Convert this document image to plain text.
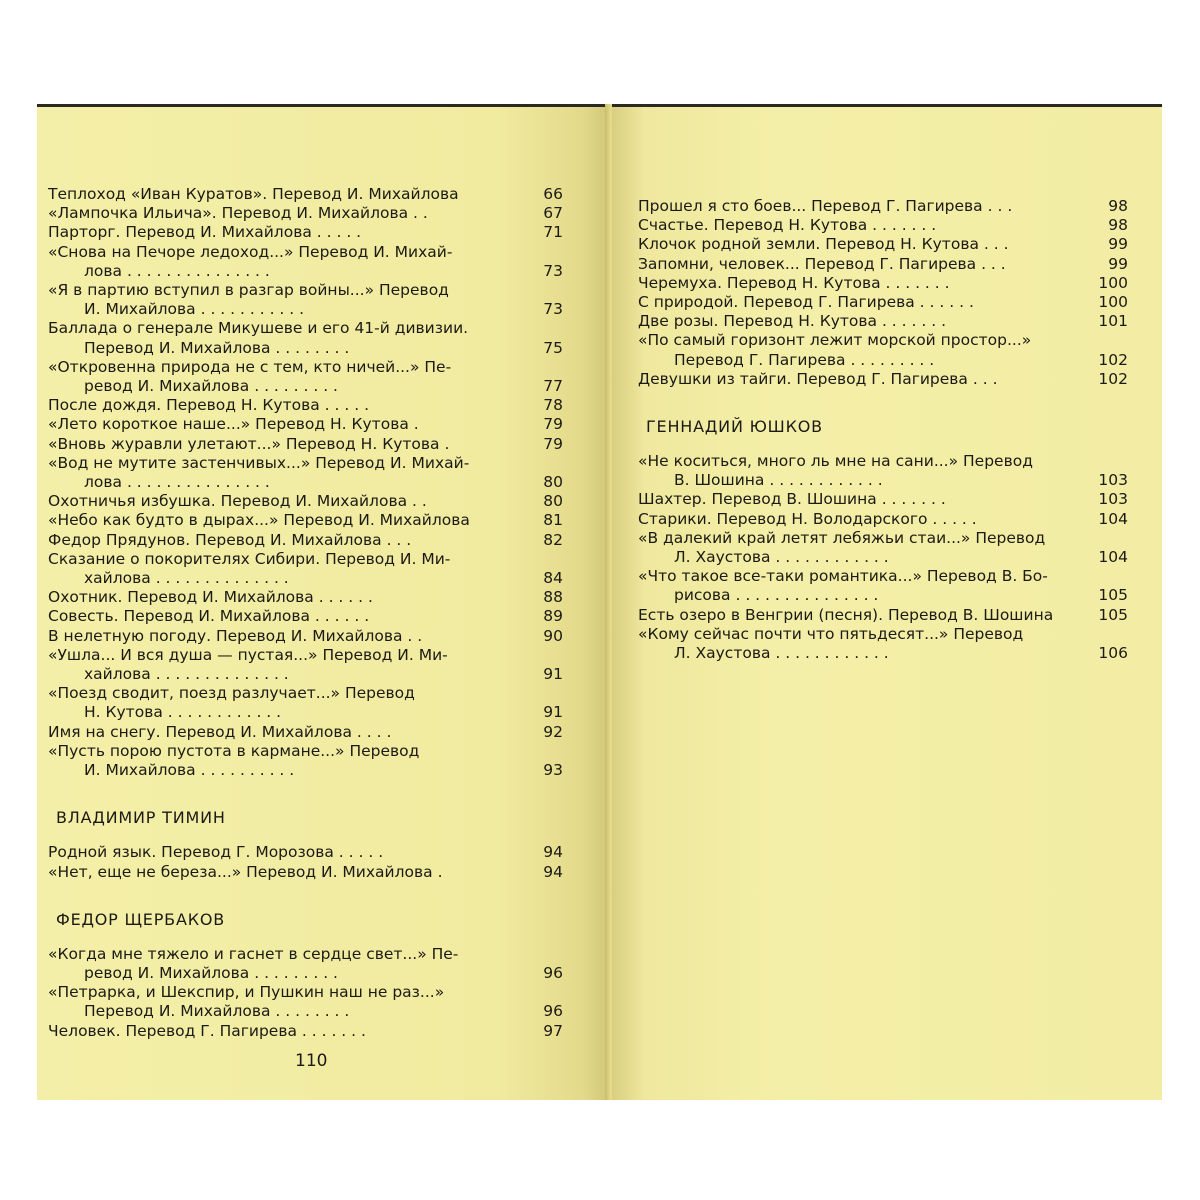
Теплоход «Иван Куратов». Перевод И. Михайлова	66
«Лампочка Ильича». Перевод И. Михайлова . .	67
Парторг. Перевод И. Михайлова . . . . .	71
«Снова на Печоре ледоход...» Перевод И. Михай-
лова . . . . . . . . . . . . . . .	73
«Я в партию вступил в разгар войны...» Перевод
И. Михайлова . . . . . . . . . . .	73
Баллада о генерале Микушеве и его 41-й дивизии.
Перевод И. Михайлова . . . . . . . .	75
«Откровенна природа не с тем, кто ничей...» Пе-
ревод И. Михайлова . . . . . . . . .	77
После дождя. Перевод Н. Кутова . . . . .	78
«Лето короткое наше...» Перевод Н. Кутова .	79
«Вновь журавли улетают...» Перевод Н. Кутова .	79
«Вод не мутите застенчивых...» Перевод И. Михай-
лова . . . . . . . . . . . . . . .	80
Охотничья избушка. Перевод И. Михайлова . .	80
«Небо как будто в дырах...» Перевод И. Михайлова	81
Федор Прядунов. Перевод И. Михайлова . . .	82
Сказание о покорителях Сибири. Перевод И. Ми-
хайлова . . . . . . . . . . . . . .	84
Охотник. Перевод И. Михайлова . . . . . .	88
Совесть. Перевод И. Михайлова . . . . . .	89
В нелетную погоду. Перевод И. Михайлова . .	90
«Ушла... И вся душа — пустая...» Перевод И. Ми-
хайлова . . . . . . . . . . . . . .	91
«Поезд сводит, поезд разлучает...» Перевод
Н. Кутова . . . . . . . . . . . .	91
Имя на снегу. Перевод И. Михайлова . . . .	92
«Пусть порою пустота в кармане...» Перевод
И. Михайлова . . . . . . . . . .	93
ВЛАДИМИР ТИМИН
Родной язык. Перевод Г. Морозова . . . . .	94
«Нет, еще не береза...» Перевод И. Михайлова .	94
ФЕДОР ЩЕРБАКОВ
«Когда мне тяжело и гаснет в сердце свет...» Пе-
ревод И. Михайлова . . . . . . . . .	96
«Петрарка, и Шекспир, и Пушкин наш не раз...»
Перевод И. Михайлова . . . . . . . .	96
Человек. Перевод Г. Пагирева . . . . . . .	97
110
Прошел я сто боев... Перевод Г. Пагирева . . .	98
Счастье. Перевод Н. Кутова . . . . . . .	98
Клочок родной земли. Перевод Н. Кутова . . .	99
Запомни, человек... Перевод Г. Пагирева . . .	99
Черемуха. Перевод Н. Кутова . . . . . . .	100
С природой. Перевод Г. Пагирева . . . . . .	100
Две розы. Перевод Н. Кутова . . . . . . .	101
«По самый горизонт лежит морской простор...»
Перевод Г. Пагирева . . . . . . . . .	102
Девушки из тайги. Перевод Г. Пагирева . . .	102
ГЕННАДИЙ ЮШКОВ
«Не коситься, много ль мне на сани...» Перевод
В. Шошина . . . . . . . . . . . .	103
Шахтер. Перевод В. Шошина . . . . . . .	103
Старики. Перевод Н. Володарского . . . . .	104
«В далекий край летят лебяжьи стаи...» Перевод
Л. Хаустова . . . . . . . . . . . .	104
«Что такое все-таки романтика...» Перевод В. Бо-
рисова . . . . . . . . . . . . . . .	105
Есть озеро в Венгрии (песня). Перевод В. Шошина	105
«Кому сейчас почти что пятьдесят...» Перевод
Л. Хаустова . . . . . . . . . . . .	106
